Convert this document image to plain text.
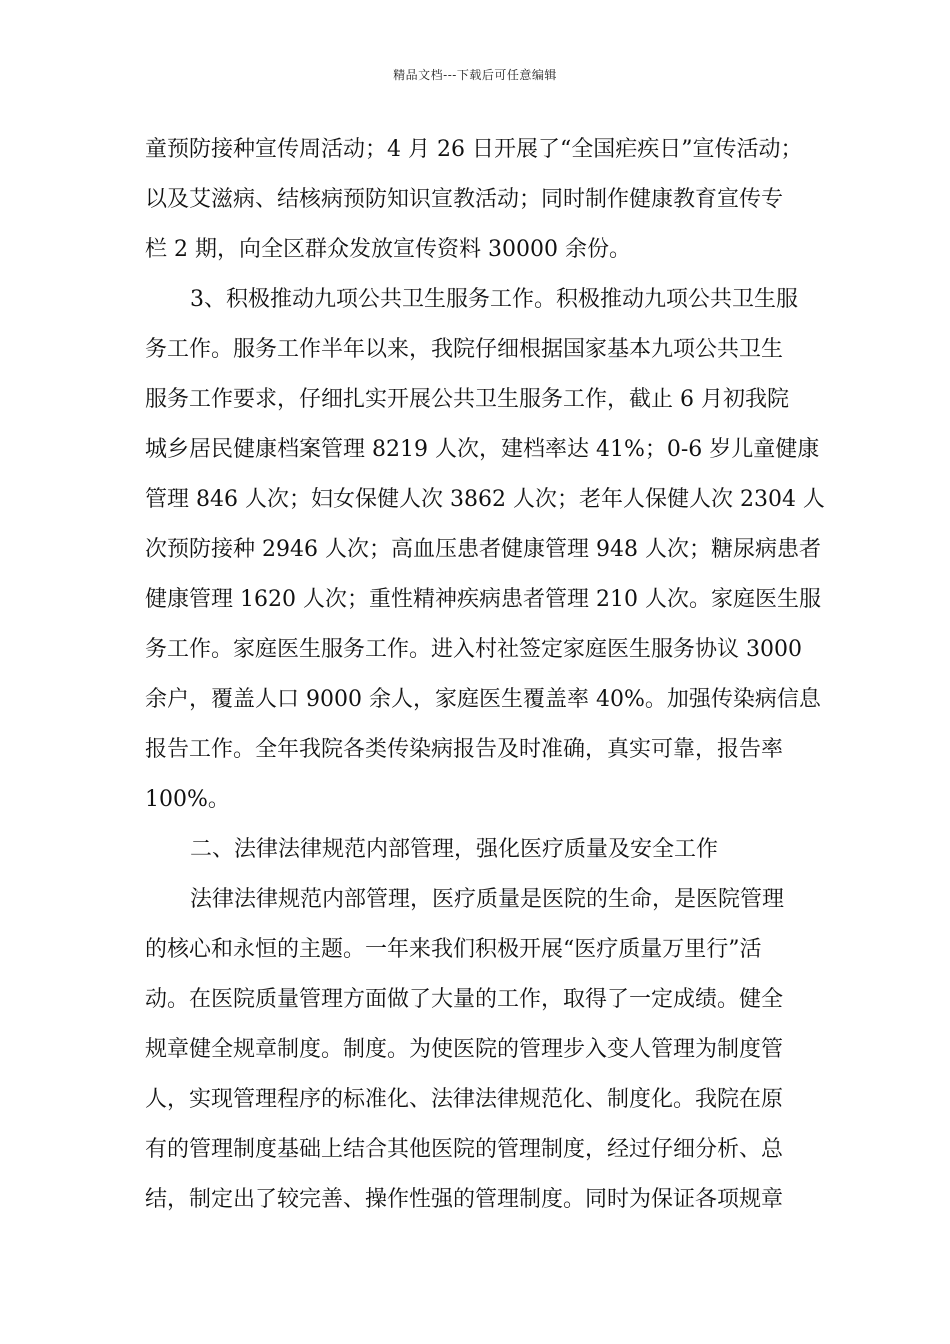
精品文档---下载后可任意编辑
童预防接种宣传周活动；4 月 26 日开展了“全国疟疾日”宣传活动；
以及艾滋病、结核病预防知识宣教活动；同时制作健康教育宣传专
栏 2 期，向全区群众发放宣传资料 30000 余份。
3、积极推动九项公共卫生服务工作。积极推动九项公共卫生服
务工作。服务工作半年以来，我院仔细根据国家基本九项公共卫生
服务工作要求，仔细扎实开展公共卫生服务工作，截止 6 月初我院
城乡居民健康档案管理 8219 人次，建档率达 41%；0-6 岁儿童健康
管理 846 人次；妇女保健人次 3862 人次；老年人保健人次 2304 人
次预防接种 2946 人次；高血压患者健康管理 948 人次；糖尿病患者
健康管理 1620 人次；重性精神疾病患者管理 210 人次。家庭医生服
务工作。家庭医生服务工作。进入村社签定家庭医生服务协议 3000
余户，覆盖人口 9000 余人，家庭医生覆盖率 40%。加强传染病信息
报告工作。全年我院各类传染病报告及时准确，真实可靠，报告率
100%。
二、法律法律规范内部管理，强化医疗质量及安全工作
法律法律规范内部管理，医疗质量是医院的生命，是医院管理
的核心和永恒的主题。一年来我们积极开展“医疗质量万里行”活
动。在医院质量管理方面做了大量的工作，取得了一定成绩。健全
规章健全规章制度。制度。为使医院的管理步入变人管理为制度管
人，实现管理程序的标准化、法律法律规范化、制度化。我院在原
有的管理制度基础上结合其他医院的管理制度，经过仔细分析、总
结，制定出了较完善、操作性强的管理制度。同时为保证各项规章
